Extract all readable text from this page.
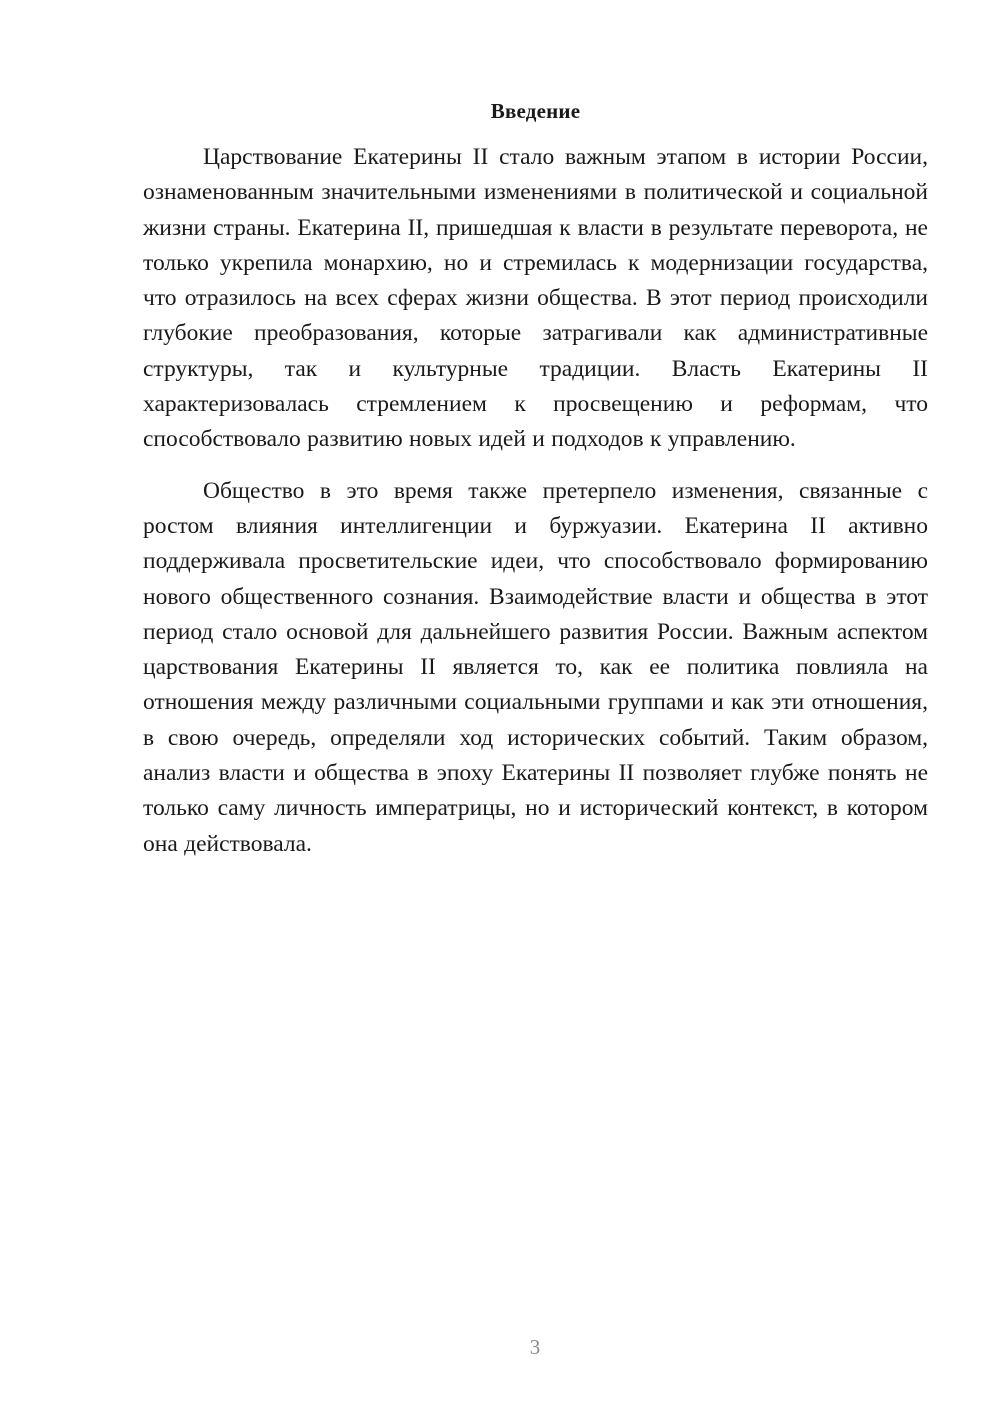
Введение

Царствование Екатерины II стало важным этапом в истории России, ознаменованным значительными изменениями в политической и социальной жизни страны. Екатерина II, пришедшая к власти в результате переворота, не только укрепила монархию, но и стремилась к модернизации государства, что отразилось на всех сферах жизни общества. В этот период происходили глубокие преобразования, которые затрагивали как административные структуры, так и культурные традиции. Власть Екатерины II характеризовалась стремлением к просвещению и реформам, что способствовало развитию новых идей и подходов к управлению.

Общество в это время также претерпело изменения, связанные с ростом влияния интеллигенции и буржуазии. Екатерина II активно поддерживала просветительские идеи, что способствовало формированию нового общественного сознания. Взаимодействие власти и общества в этот период стало основой для дальнейшего развития России. Важным аспектом царствования Екатерины II является то, как ее политика повлияла на отношения между различными социальными группами и как эти отношения, в свою очередь, определяли ход исторических событий. Таким образом, анализ власти и общества в эпоху Екатерины II позволяет глубже понять не только саму личность императрицы, но и исторический контекст, в котором она действовала.

3
